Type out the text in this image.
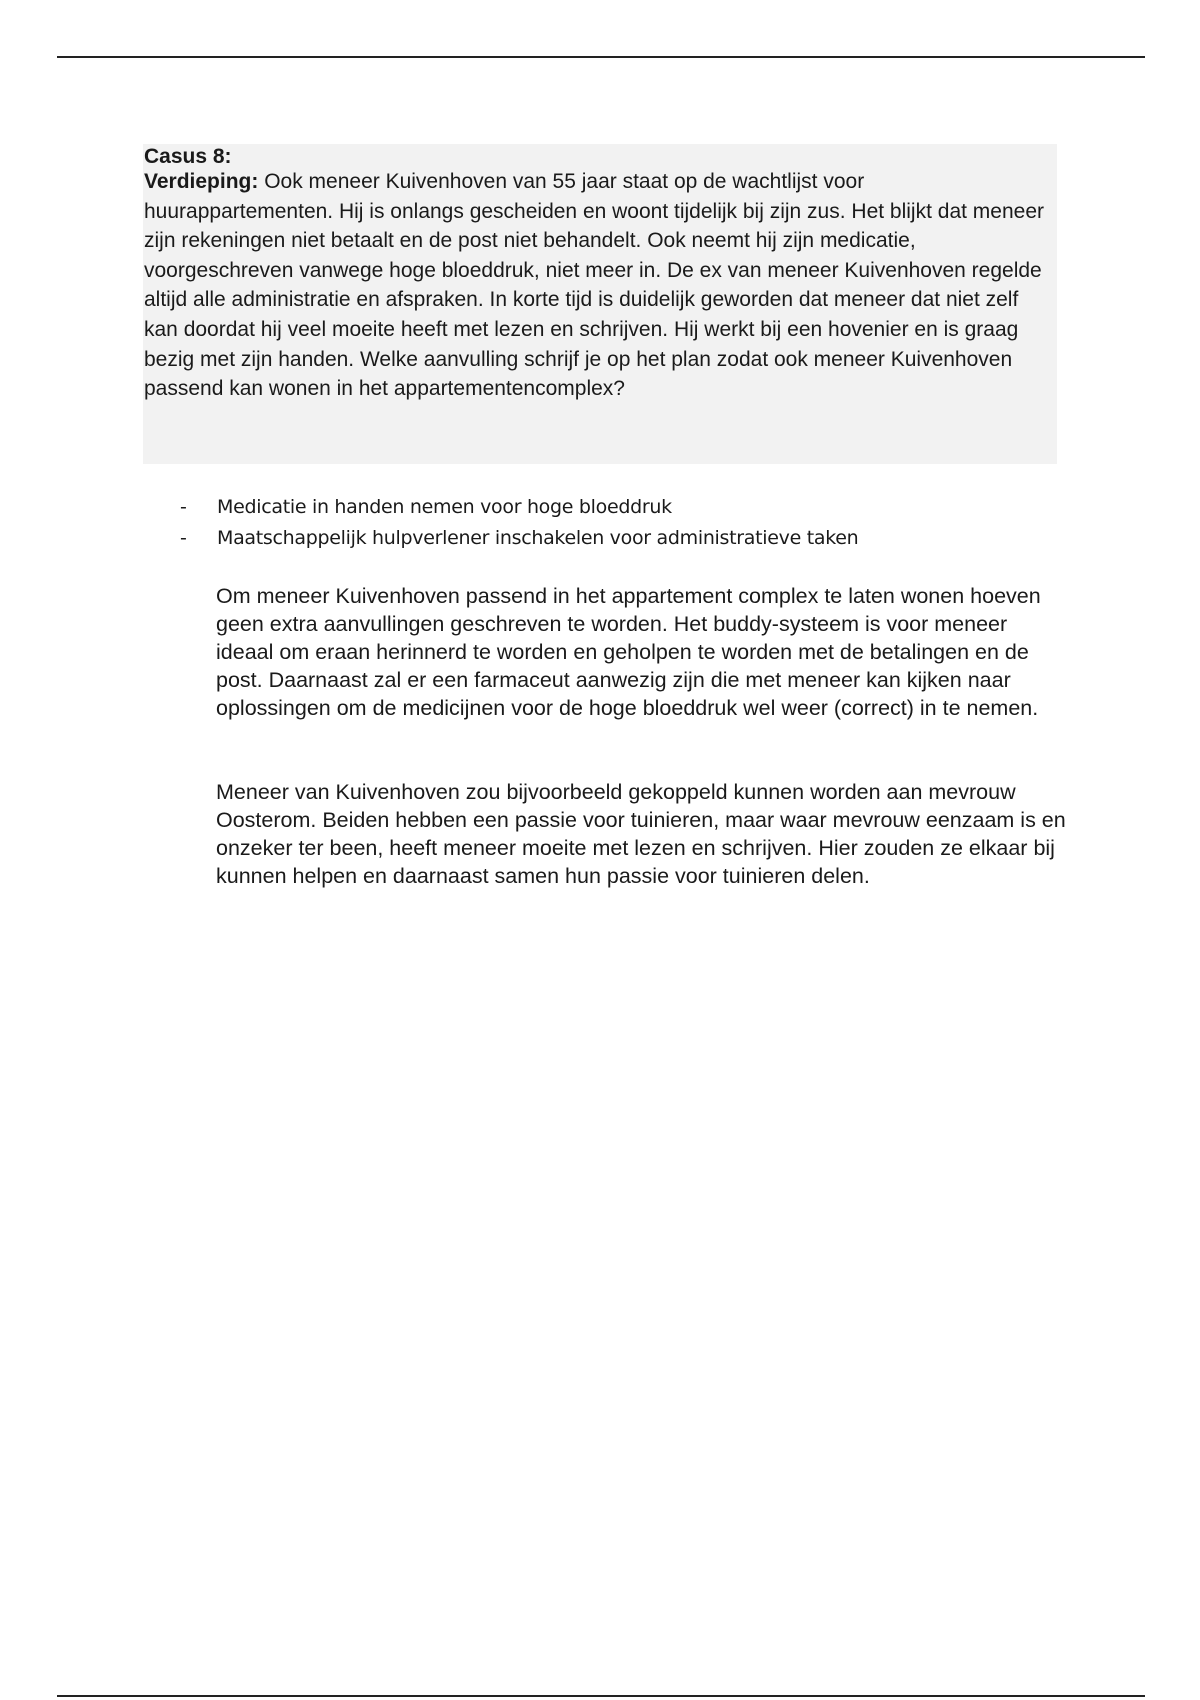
Casus 8:

Verdieping: Ook meneer Kuivenhoven van 55 jaar staat op de wachtlijst voor huurappartementen. Hij is onlangs gescheiden en woont tijdelijk bij zijn zus. Het blijkt dat meneer zijn rekeningen niet betaalt en de post niet behandelt. Ook neemt hij zijn medicatie, voorgeschreven vanwege hoge bloeddruk, niet meer in. De ex van meneer Kuivenhoven regelde altijd alle administratie en afspraken. In korte tijd is duidelijk geworden dat meneer dat niet zelf kan doordat hij veel moeite heeft met lezen en schrijven. Hij werkt bij een hovenier en is graag bezig met zijn handen. Welke aanvulling schrijf je op het plan zodat ook meneer Kuivenhoven passend kan wonen in het appartementencomplex?

- Medicatie in handen nemen voor hoge bloeddruk
- Maatschappelijk hulpverlener inschakelen voor administratieve taken

Om meneer Kuivenhoven passend in het appartement complex te laten wonen hoeven geen extra aanvullingen geschreven te worden. Het buddy-systeem is voor meneer ideaal om eraan herinnerd te worden en geholpen te worden met de betalingen en de post. Daarnaast zal er een farmaceut aanwezig zijn die met meneer kan kijken naar oplossingen om de medicijnen voor de hoge bloeddruk wel weer (correct) in te nemen.

Meneer van Kuivenhoven zou bijvoorbeeld gekoppeld kunnen worden aan mevrouw Oosterom. Beiden hebben een passie voor tuinieren, maar waar mevrouw eenzaam is en onzeker ter been, heeft meneer moeite met lezen en schrijven. Hier zouden ze elkaar bij kunnen helpen en daarnaast samen hun passie voor tuinieren delen.
